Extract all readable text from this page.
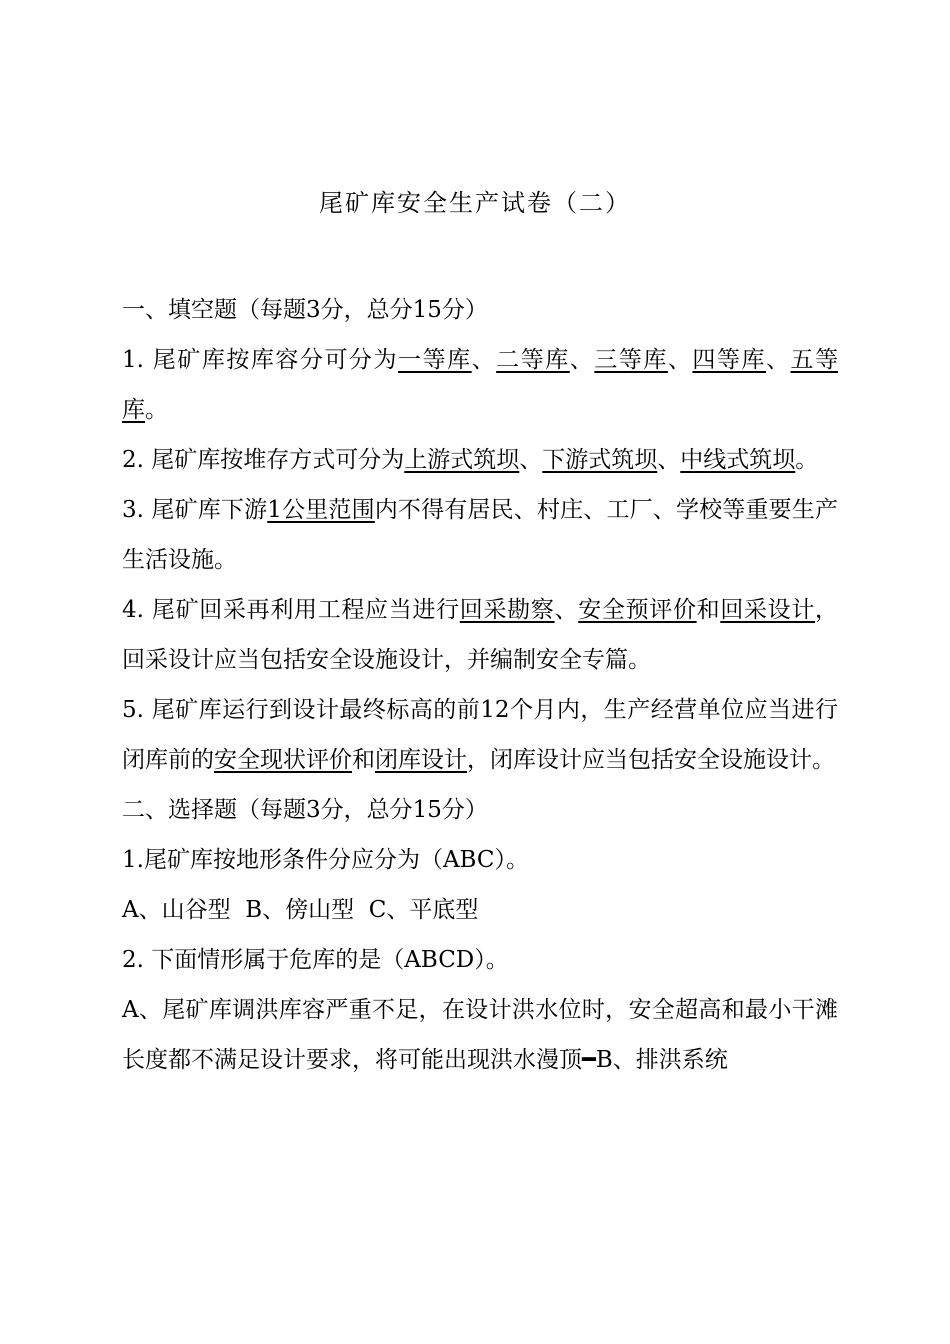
尾矿库安全生产试卷（二）

一、填空题（每题3分，总分15分）

1. 尾矿库按库容分可分为一等库、二等库、三等库、四等库、五等库。

2. 尾矿库按堆存方式可分为上游式筑坝、下游式筑坝、中线式筑坝。

3. 尾矿库下游1公里范围内不得有居民、村庄、工厂、学校等重要生产生活设施。

4. 尾矿回采再利用工程应当进行回采勘察、安全预评价和回采设计，回采设计应当包括安全设施设计，并编制安全专篇。

5. 尾矿库运行到设计最终标高的前12个月内，生产经营单位应当进行闭库前的安全现状评价和闭库设计，闭库设计应当包括安全设施设计。

二、选择题（每题3分，总分15分）

1.尾矿库按地形条件分应分为（ABC）。

A、山谷型  B、傍山型  C、平底型

2. 下面情形属于危库的是（ABCD）。

A、尾矿库调洪库容严重不足，在设计洪水位时，安全超高和最小干滩长度都不满足设计要求，将可能出现洪水漫顶━B、排洪系统
